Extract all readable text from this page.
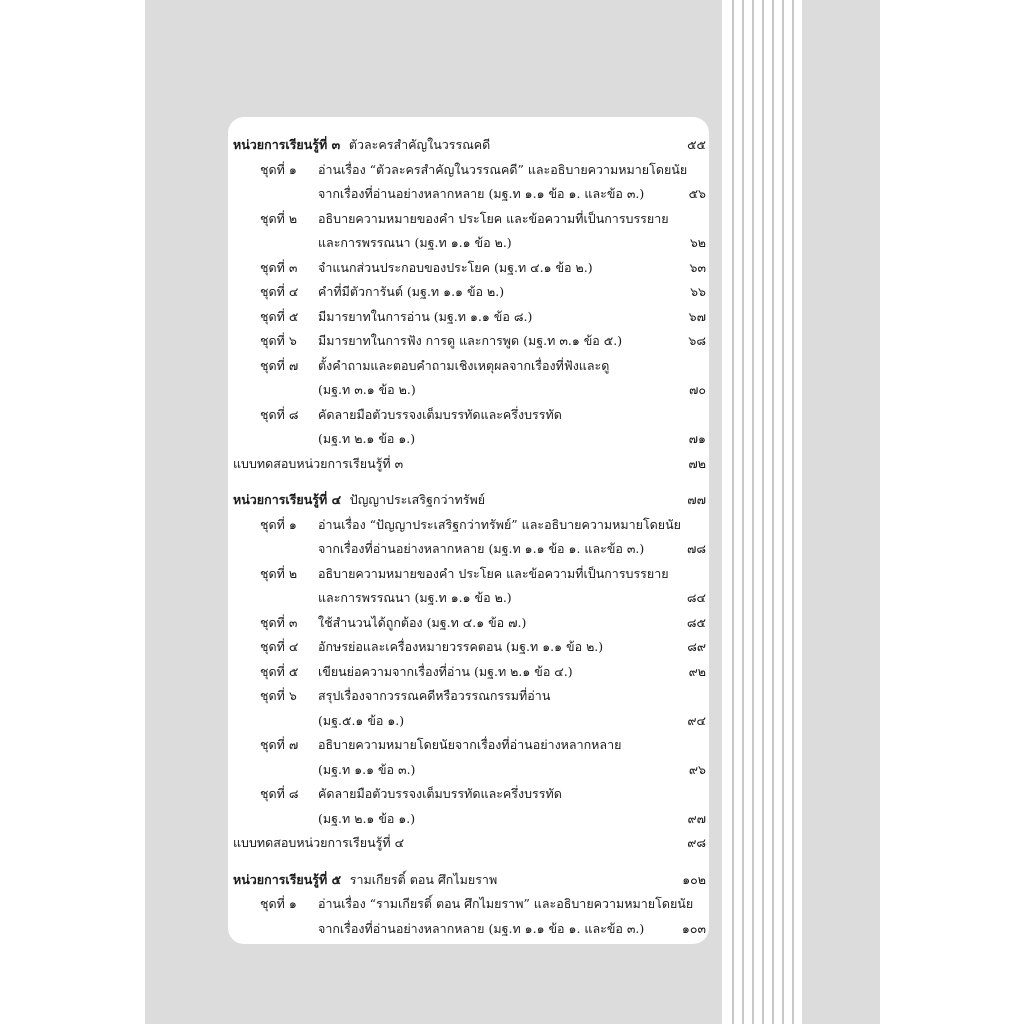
หน่วยการเรียนรู้ที่ ๓ ตัวละครสำคัญในวรรณคดี	๕๕
ชุดที่ ๑ อ่านเรื่อง “ตัวละครสำคัญในวรรณคดี” และอธิบายความหมายโดยนัย
จากเรื่องที่อ่านอย่างหลากหลาย (มฐ.ท ๑.๑ ข้อ ๑. และข้อ ๓.)	๕๖
ชุดที่ ๒ อธิบายความหมายของคำ ประโยค และข้อความที่เป็นการบรรยาย
และการพรรณนา (มฐ.ท ๑.๑ ข้อ ๒.)	๖๒
ชุดที่ ๓ จำแนกส่วนประกอบของประโยค (มฐ.ท ๔.๑ ข้อ ๒.)	๖๓
ชุดที่ ๔ คำที่มีตัวการันต์ (มฐ.ท ๑.๑ ข้อ ๒.)	๖๖
ชุดที่ ๕ มีมารยาทในการอ่าน (มฐ.ท ๑.๑ ข้อ ๘.)	๖๗
ชุดที่ ๖ มีมารยาทในการฟัง การดู และการพูด (มฐ.ท ๓.๑ ข้อ ๕.)	๖๘
ชุดที่ ๗ ตั้งคำถามและตอบคำถามเชิงเหตุผลจากเรื่องที่ฟังและดู
(มฐ.ท ๓.๑ ข้อ ๒.)	๗๐
ชุดที่ ๘ คัดลายมือตัวบรรจงเต็มบรรทัดและครึ่งบรรทัด
(มฐ.ท ๒.๑ ข้อ ๑.)	๗๑
แบบทดสอบหน่วยการเรียนรู้ที่ ๓	๗๒
หน่วยการเรียนรู้ที่ ๔ ปัญญาประเสริฐกว่าทรัพย์	๗๗
ชุดที่ ๑ อ่านเรื่อง “ปัญญาประเสริฐกว่าทรัพย์” และอธิบายความหมายโดยนัย
จากเรื่องที่อ่านอย่างหลากหลาย (มฐ.ท ๑.๑ ข้อ ๑. และข้อ ๓.)	๗๘
ชุดที่ ๒ อธิบายความหมายของคำ ประโยค และข้อความที่เป็นการบรรยาย
และการพรรณนา (มฐ.ท ๑.๑ ข้อ ๒.)	๘๔
ชุดที่ ๓ ใช้สำนวนได้ถูกต้อง (มฐ.ท ๔.๑ ข้อ ๗.)	๘๕
ชุดที่ ๔ อักษรย่อและเครื่องหมายวรรคตอน (มฐ.ท ๑.๑ ข้อ ๒.)	๘๙
ชุดที่ ๕ เขียนย่อความจากเรื่องที่อ่าน (มฐ.ท ๒.๑ ข้อ ๔.)	๙๒
ชุดที่ ๖ สรุปเรื่องจากวรรณคดีหรือวรรณกรรมที่อ่าน
(มฐ.๕.๑ ข้อ ๑.)	๙๔
ชุดที่ ๗ อธิบายความหมายโดยนัยจากเรื่องที่อ่านอย่างหลากหลาย
(มฐ.ท ๑.๑ ข้อ ๓.)	๙๖
ชุดที่ ๘ คัดลายมือตัวบรรจงเต็มบรรทัดและครึ่งบรรทัด
(มฐ.ท ๒.๑ ข้อ ๑.)	๙๗
แบบทดสอบหน่วยการเรียนรู้ที่ ๔	๙๘
หน่วยการเรียนรู้ที่ ๕ รามเกียรติ์ ตอน ศึกไมยราพ	๑๐๒
ชุดที่ ๑ อ่านเรื่อง “รามเกียรติ์ ตอน ศึกไมยราพ” และอธิบายความหมายโดยนัย
จากเรื่องที่อ่านอย่างหลากหลาย (มฐ.ท ๑.๑ ข้อ ๑. และข้อ ๓.)	๑๐๓
